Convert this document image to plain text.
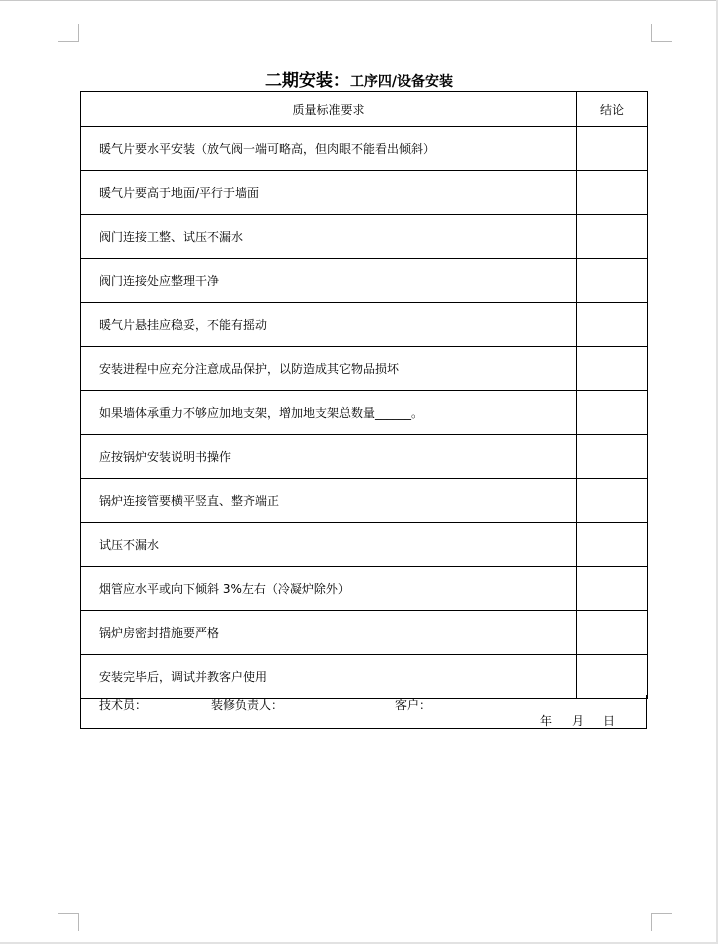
二期安装：工序四/设备安装
质量标准要求	结论
暖气片要水平安装（放气阀一端可略高，但肉眼不能看出倾斜）	
暖气片要高于地面/平行于墙面	
阀门连接工整、试压不漏水	
阀门连接处应整理干净	
暖气片悬挂应稳妥，不能有摇动	
安装进程中应充分注意成品保护，以防造成其它物品损坏	
如果墙体承重力不够应加地支架，增加地支架总数量______。	
应按锅炉安装说明书操作	
锅炉连接管要横平竖直、整齐端正	
试压不漏水	
烟管应水平或向下倾斜 3%左右（冷凝炉除外）	
锅炉房密封措施要严格	
安装完毕后，调试并教客户使用	
技术员：	装修负责人：	客户：
年 月 日
